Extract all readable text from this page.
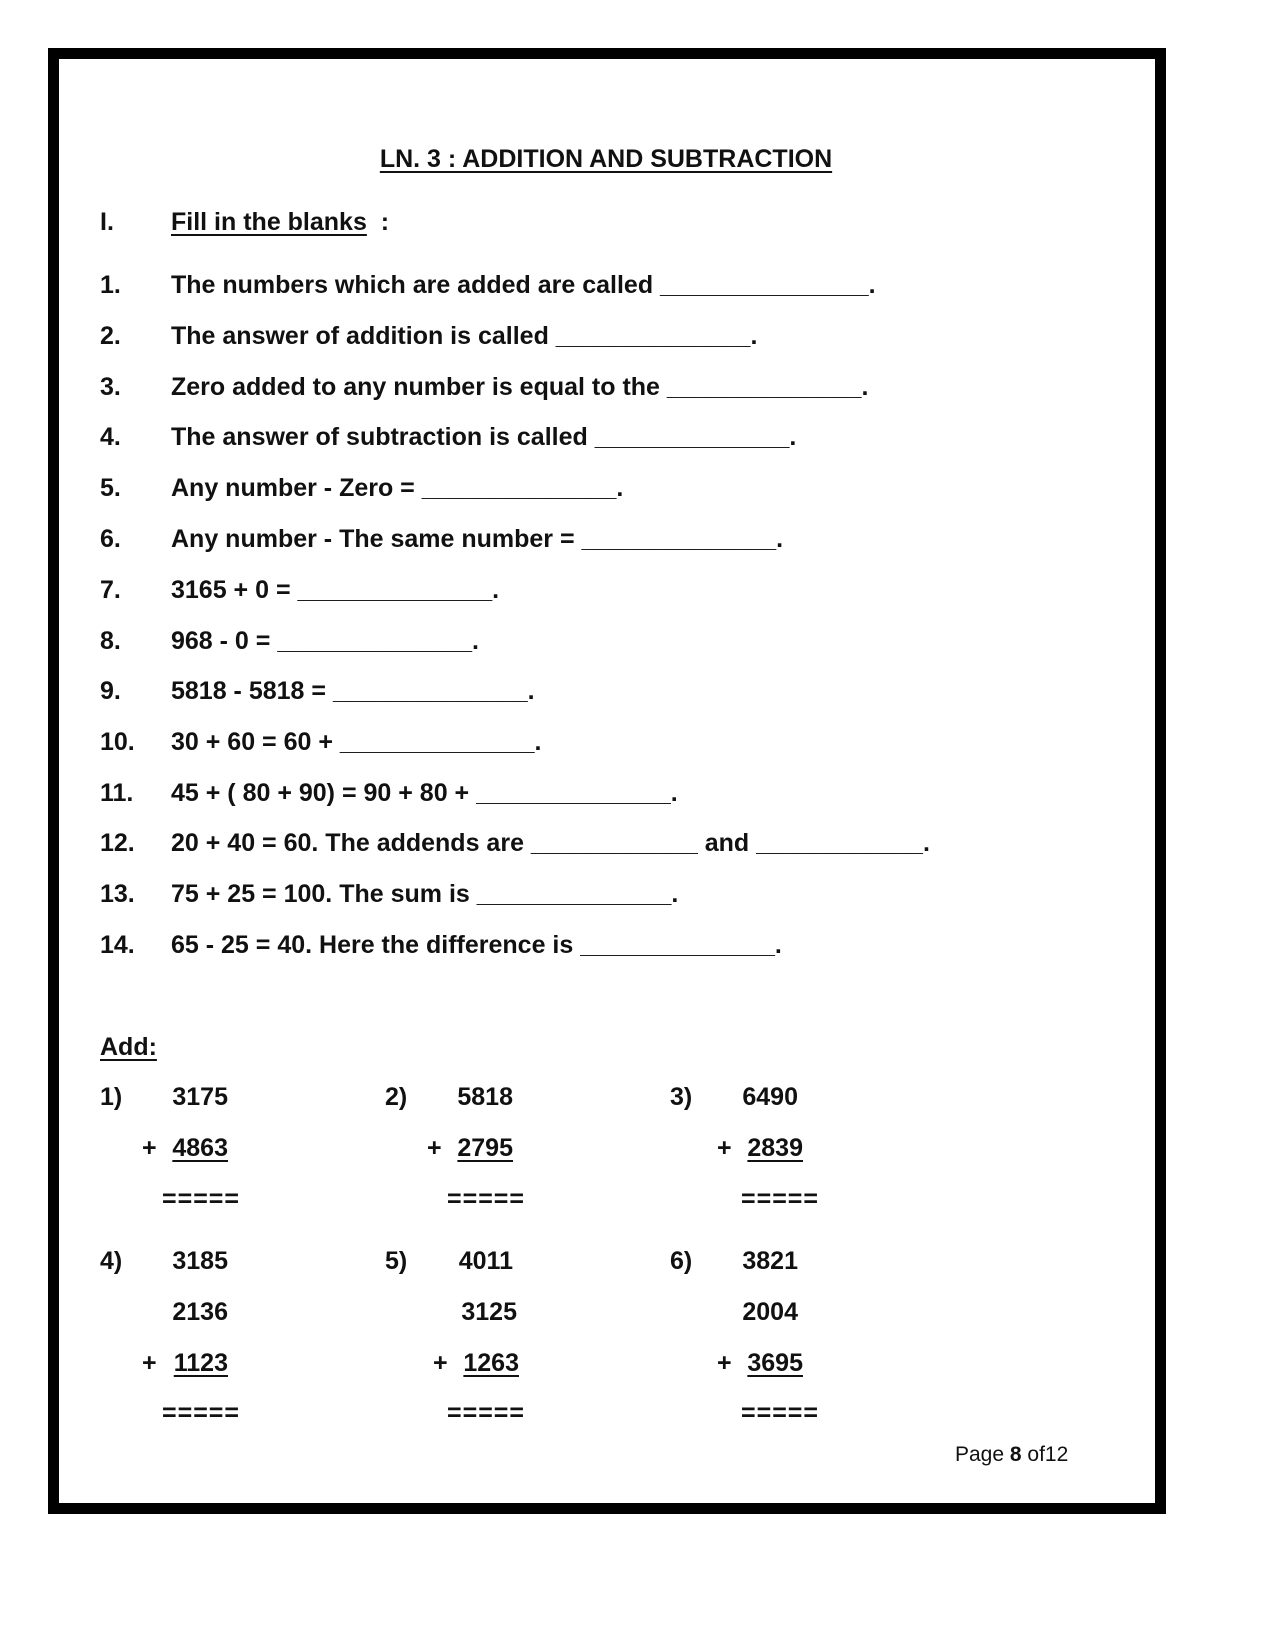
LN. 3 : ADDITION AND SUBTRACTION
I. Fill in the blanks :
1. The numbers which are added are called _______________.
2. The answer of addition is called ______________.
3. Zero added to any number is equal to the ______________.
4. The answer of subtraction is called ______________.
5. Any number - Zero = ______________.
6. Any number - The same number = ______________.
7. 3165 + 0 = ______________.
8. 968 - 0 = ______________.
9. 5818 - 5818 = ______________.
10. 30 + 60 = 60 + ______________.
11. 45 + ( 80 + 90) = 90 + 80 + ______________.
12. 20 + 40 = 60. The addends are ____________ and ____________.
13. 75 + 25 = 100. The sum is ______________.
14. 65 - 25 = 40. Here the difference is ______________.
Add:
1)	3175
+ 4863
=====
2)	5818
+ 2795
=====
3)	6490
+ 2839
=====
4)	3185
2136
+ 1123
=====
5)	4011
3125
+ 1263
=====
6)	3821
2004
+ 3695
=====
Page 8 of12
